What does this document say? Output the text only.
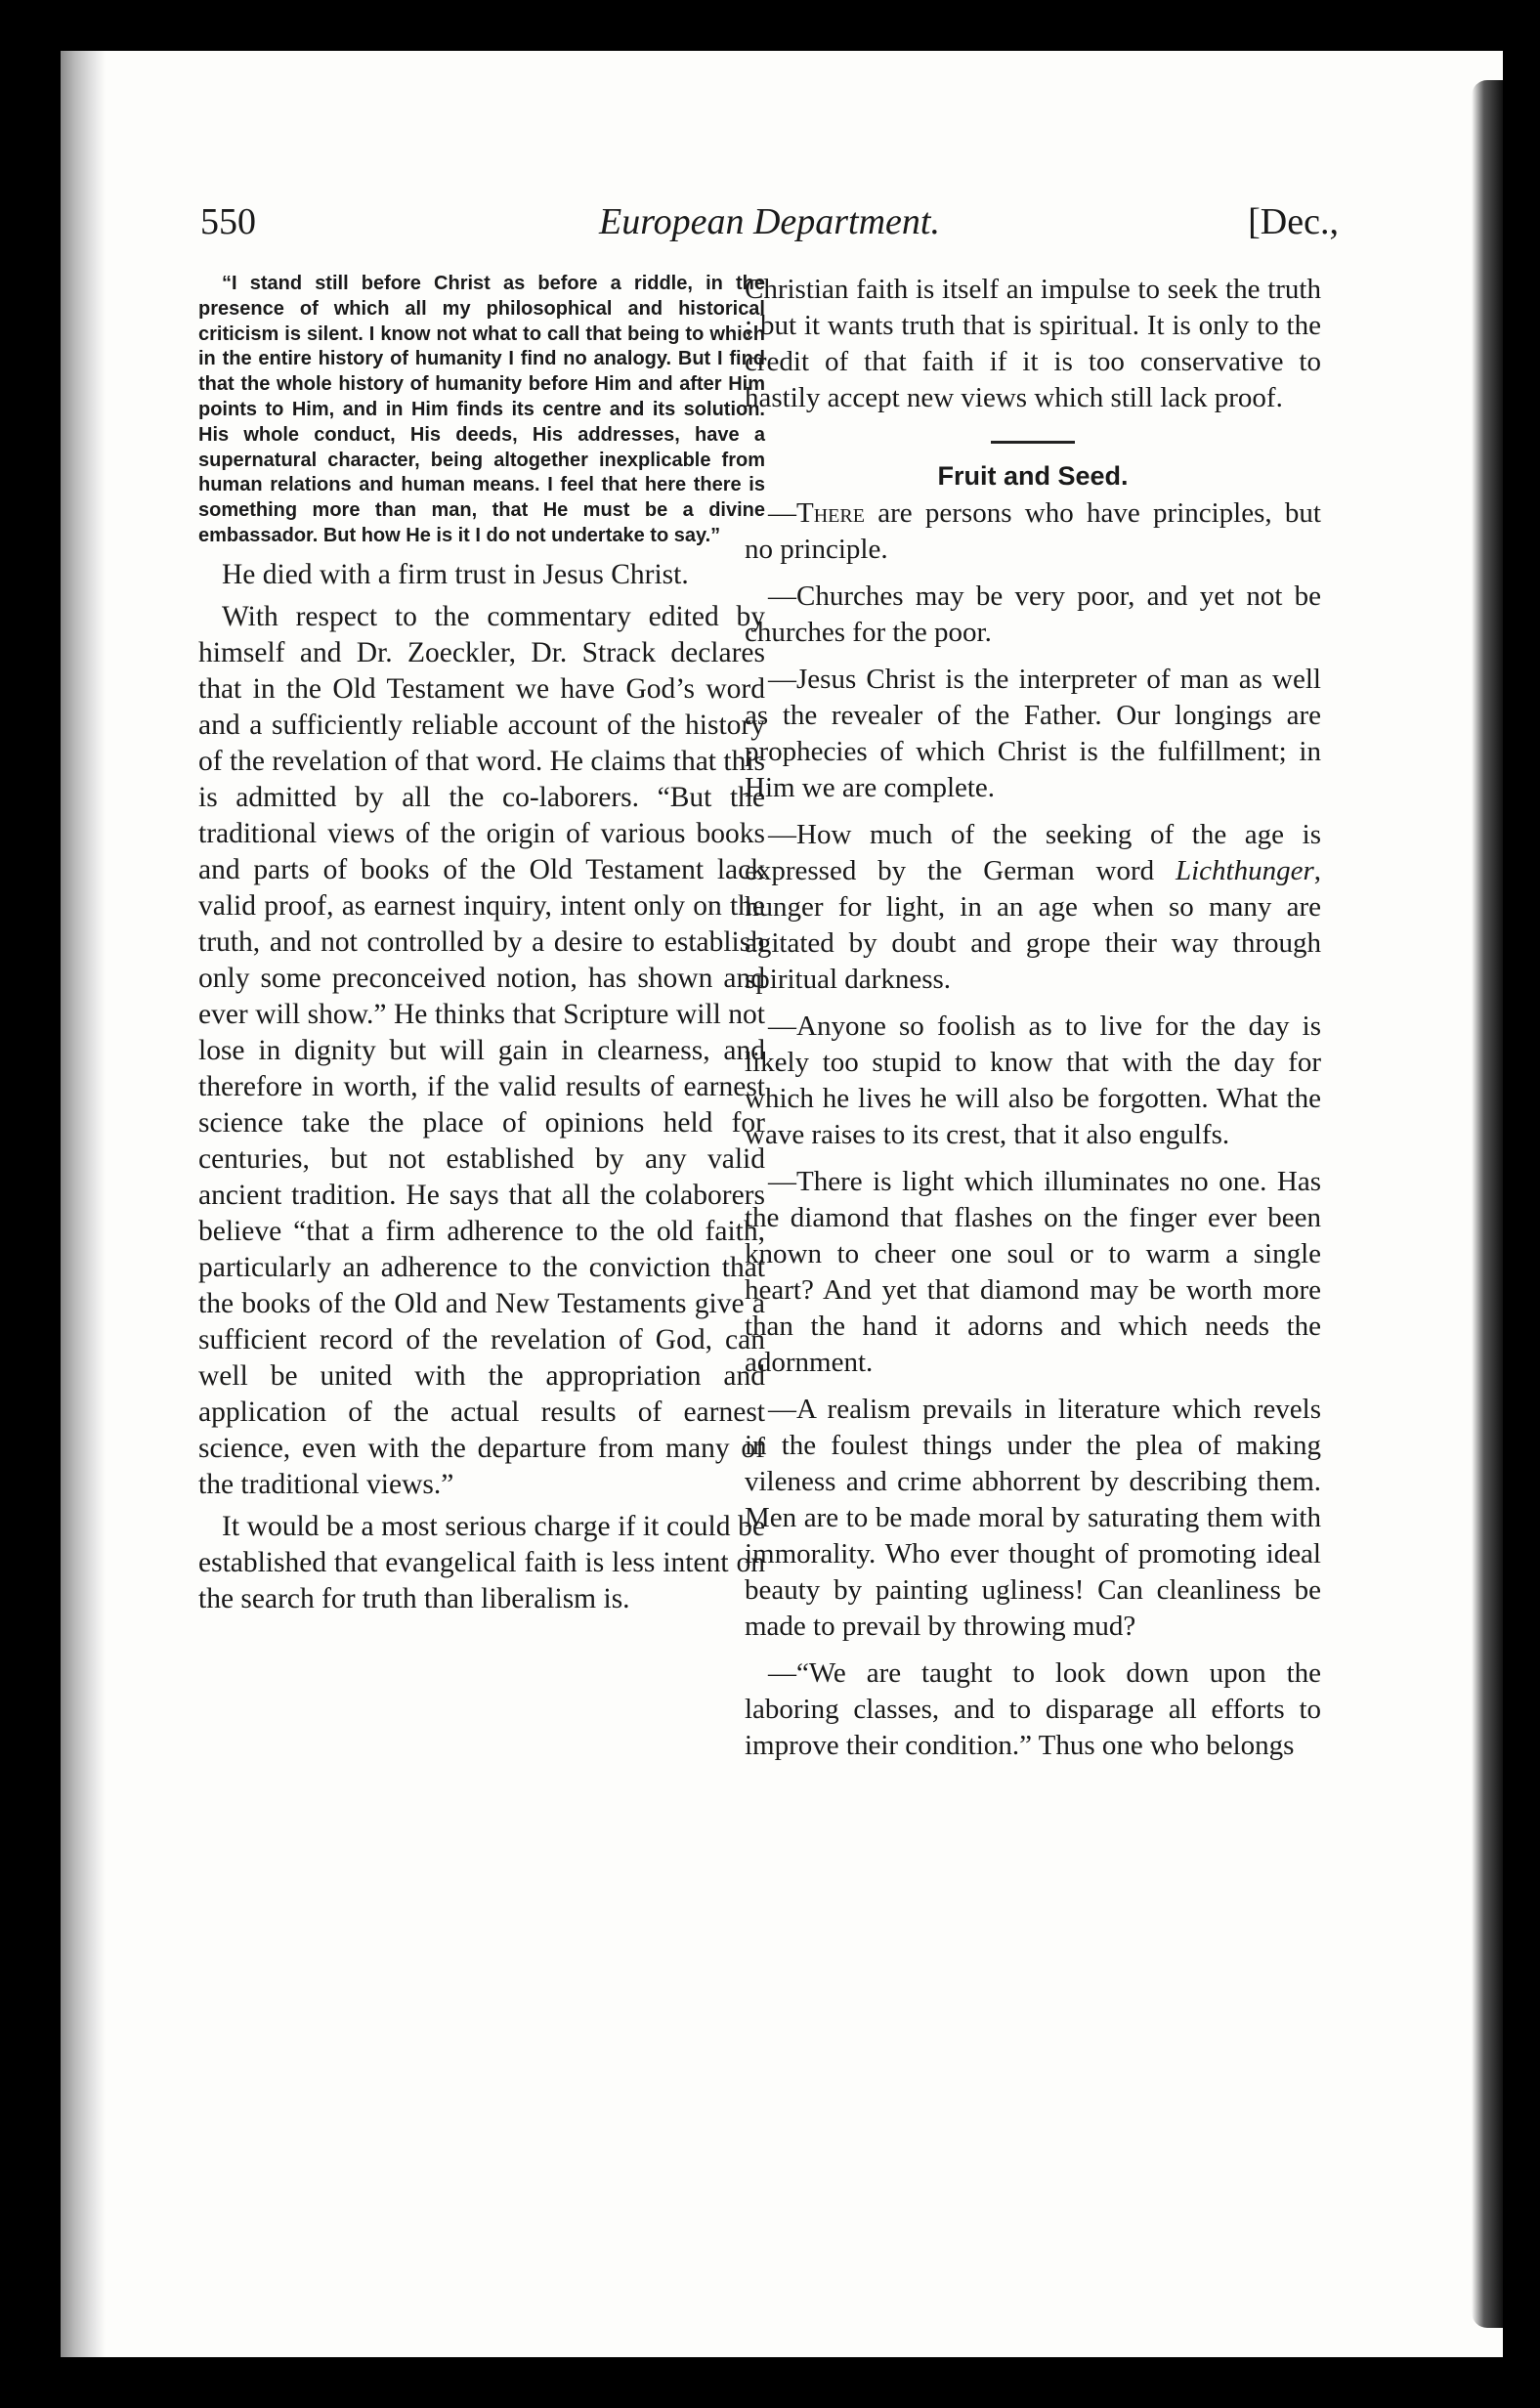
550	European Department.	[Dec.,

“I stand still before Christ as before a riddle, in the presence of which all my philosophical and historical criticism is silent. I know not what to call that being to which in the entire history of humanity I find no analogy. But I find that the whole history of humanity before Him and after Him points to Him, and in Him finds its centre and its solution. His whole conduct, His deeds, His addresses, have a supernatural character, being altogether inexplicable from human relations and human means. I feel that here there is something more than man, that He must be a divine embassador. But how He is it I do not undertake to say.”

He died with a firm trust in Jesus Christ.

With respect to the commentary edited by himself and Dr. Zoeckler, Dr. Strack declares that in the Old Testament we have God’s word and a sufficiently reliable account of the history of the revelation of that word. He claims that this is admitted by all the co-laborers. “But the traditional views of the origin of various books and parts of books of the Old Testament lack valid proof, as earnest inquiry, intent only on the truth, and not controlled by a desire to establish only some preconceived notion, has shown and ever will show.” He thinks that Scripture will not lose in dignity but will gain in clearness, and therefore in worth, if the valid results of earnest science take the place of opinions held for centuries, but not established by any valid ancient tradition. He says that all the colaborers believe “that a firm adherence to the old faith, particularly an adherence to the conviction that the books of the Old and New Testaments give a sufficient record of the revelation of God, can well be united with the appropriation and application of the actual results of earnest science, even with the departure from many of the traditional views.”

It would be a most serious charge if it could be established that evangelical faith is less intent on the search for truth than liberalism is.

Christian faith is itself an impulse to seek the truth ; but it wants truth that is spiritual. It is only to the credit of that faith if it is too conservative to hastily accept new views which still lack proof.

Fruit and Seed.

—There are persons who have principles, but no principle.

—Churches may be very poor, and yet not be churches for the poor.

—Jesus Christ is the interpreter of man as well as the revealer of the Father. Our longings are prophecies of which Christ is the fulfillment; in Him we are complete.

—How much of the seeking of the age is expressed by the German word Lichthunger, hunger for light, in an age when so many are agitated by doubt and grope their way through spiritual darkness.

—Anyone so foolish as to live for the day is likely too stupid to know that with the day for which he lives he will also be forgotten. What the wave raises to its crest, that it also engulfs.

—There is light which illuminates no one. Has the diamond that flashes on the finger ever been known to cheer one soul or to warm a single heart? And yet that diamond may be worth more than the hand it adorns and which needs the adornment.

—A realism prevails in literature which revels in the foulest things under the plea of making vileness and crime abhorrent by describing them. Men are to be made moral by saturating them with immorality. Who ever thought of promoting ideal beauty by painting ugliness! Can cleanliness be made to prevail by throwing mud?

—“We are taught to look down upon the laboring classes, and to disparage all efforts to improve their condition.” Thus one who belongs
